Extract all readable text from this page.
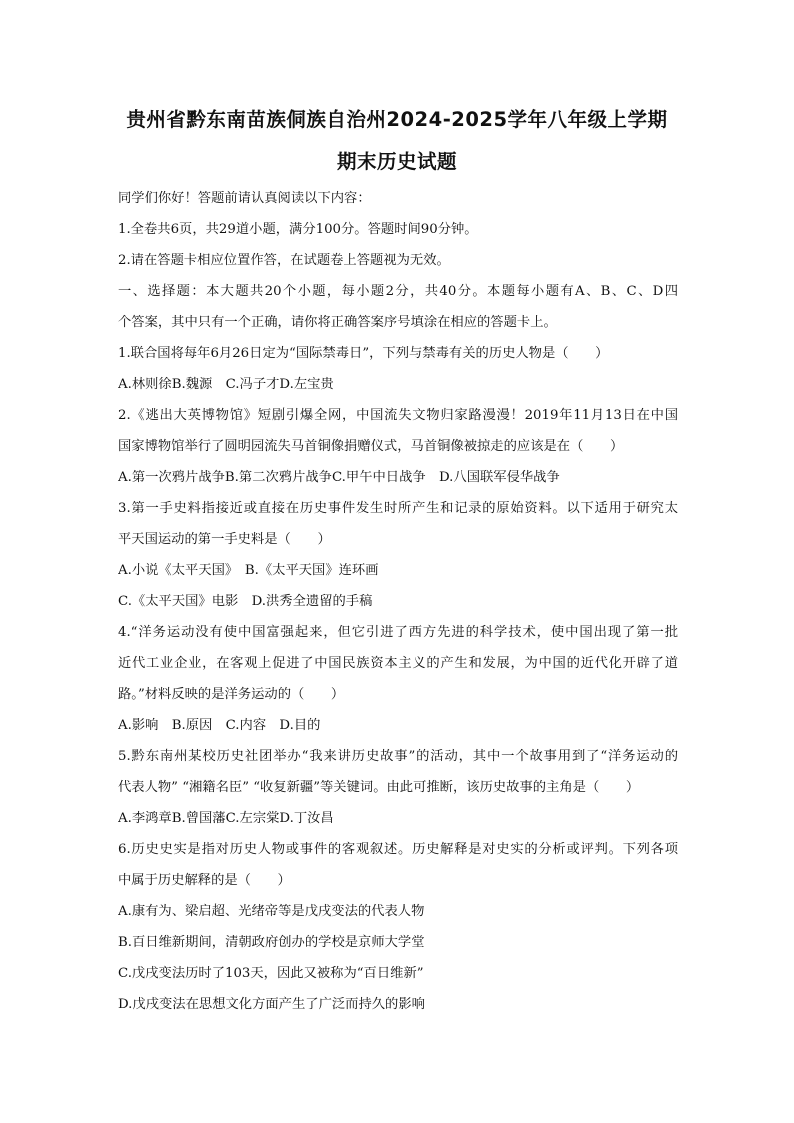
贵州省黔东南苗族侗族自治州2024-2025学年八年级上学期
期末历史试题
同学们你好！答题前请认真阅读以下内容：
1.全卷共6页，共29道小题，满分100分。答题时间90分钟。
2.请在答题卡相应位置作答，在试题卷上答题视为无效。
一、选择题：本大题共20个小题，每小题2分，共40分。本题每小题有A、B、C、D四
个答案，其中只有一个正确，请你将正确答案序号填涂在相应的答题卡上。
1.联合国将每年6月26日定为“国际禁毒日”，下列与禁毒有关的历史人物是（　　）
A.林则徐B.魏源　C.冯子才D.左宝贵
2.《逃出大英博物馆》短剧引爆全网，中国流失文物归家路漫漫！2019年11月13日在中国
国家博物馆举行了圆明园流失马首铜像捐赠仪式，马首铜像被掠走的应该是在（　　）
A.第一次鸦片战争B.第二次鸦片战争C.甲午中日战争　D.八国联军侵华战争
3.第一手史料指接近或直接在历史事件发生时所产生和记录的原始资料。以下适用于研究太
平天国运动的第一手史料是（　　）
A.小说《太平天国》　B.《太平天国》连环画
C.《太平天国》电影　D.洪秀全遗留的手稿
4.“洋务运动没有使中国富强起来，但它引进了西方先进的科学技术，使中国出现了第一批
近代工业企业，在客观上促进了中国民族资本主义的产生和发展，为中国的近代化开辟了道
路。”材料反映的是洋务运动的（　　）
A.影响　B.原因　C.内容　D.目的
5.黔东南州某校历史社团举办“我来讲历史故事”的活动，其中一个故事用到了“洋务运动的
代表人物” “湘籍名臣” “收复新疆”等关键词。由此可推断，该历史故事的主角是（　　）
A.李鸿章B.曾国藩C.左宗棠D.丁汝昌
6.历史史实是指对历史人物或事件的客观叙述。历史解释是对史实的分析或评判。下列各项
中属于历史解释的是（　　）
A.康有为、梁启超、光绪帝等是戊戌变法的代表人物
B.百日维新期间，清朝政府创办的学校是京师大学堂
C.戊戌变法历时了103天，因此又被称为“百日维新”
D.戊戌变法在思想文化方面产生了广泛而持久的影响
